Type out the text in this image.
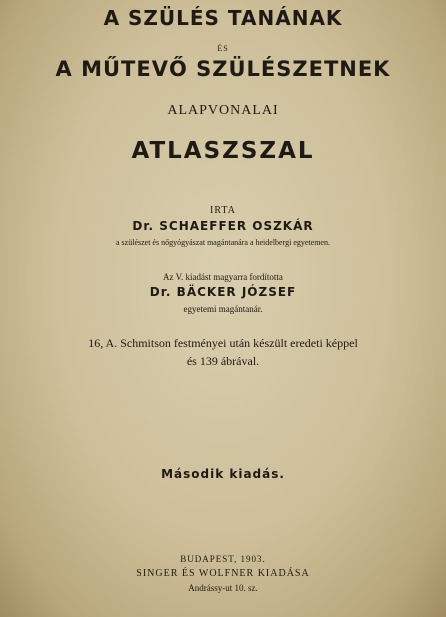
A SZÜLÉS TANÁNAK
ÉS
A MŰTEVŐ SZÜLÉSZETNEK
ALAPVONALAI
ATLASZSZAL
IRTA
Dr. SCHAEFFER OSZKÁR
a szülészet és nőgyógyászat magántanára a heidelbergi egyetemen.
Az V. kiadást magyarra fordította
Dr. BÄCKER JÓZSEF
egyetemi magántanár.
16, A. Schmitson festményei után készült eredeti képpel
és 139 ábrával.
Második kiadás.
BUDAPEST, 1903.
SINGER ÉS WOLFNER KIADÁSA
Andrássy-ut 10. sz.
